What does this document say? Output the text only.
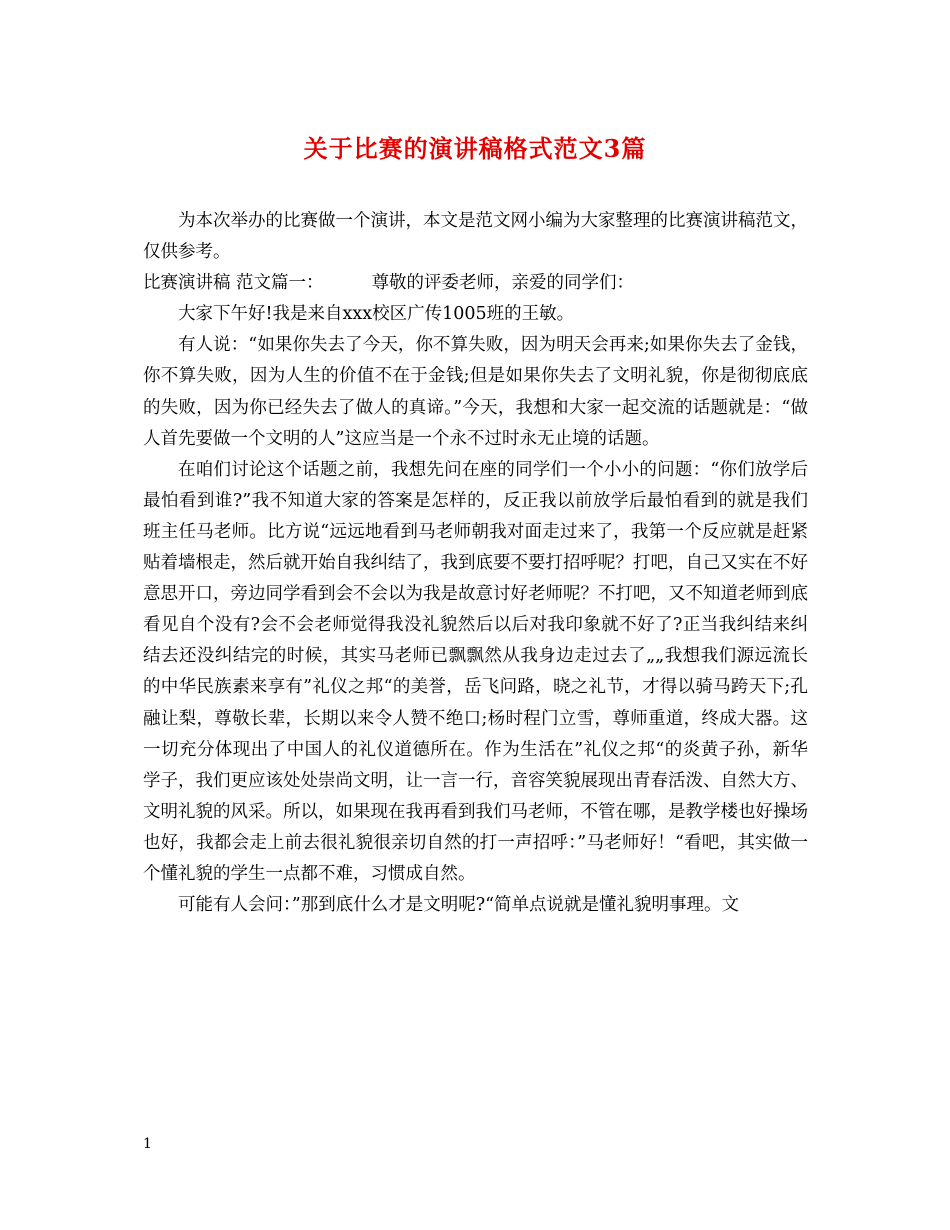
关于比赛的演讲稿格式范文3篇

为本次举办的比赛做一个演讲，本文是范文网小编为大家整理的比赛演讲稿范文，仅供参考。

比赛演讲稿 范文篇一：	尊敬的评委老师，亲爱的同学们：

大家下午好!我是来自xxx校区广传1005班的王敏。

有人说：“如果你失去了今天，你不算失败，因为明天会再来;如果你失去了金钱，你不算失败，因为人生的价值不在于金钱;但是如果你失去了文明礼貌，你是彻彻底底的失败，因为你已经失去了做人的真谛。”今天，我想和大家一起交流的话题就是：“做人首先要做一个文明的人”这应当是一个永不过时永无止境的话题。

在咱们讨论这个话题之前，我想先问在座的同学们一个小小的问题：“你们放学后最怕看到谁?”我不知道大家的答案是怎样的，反正我以前放学后最怕看到的就是我们班主任马老师。比方说“远远地看到马老师朝我对面走过来了，我第一个反应就是赶紧贴着墙根走，然后就开始自我纠结了，我到底要不要打招呼呢？打吧，自己又实在不好意思开口，旁边同学看到会不会以为我是故意讨好老师呢？不打吧，又不知道老师到底看见自个没有?会不会老师觉得我没礼貌然后以后对我印象就不好了?正当我纠结来纠结去还没纠结完的时候，其实马老师已飘飘然从我身边走过去了„„我想我们源远流长的中华民族素来享有”礼仪之邦“的美誉，岳飞问路，晓之礼节，才得以骑马跨天下;孔融让梨，尊敬长辈，长期以来令人赞不绝口;杨时程门立雪，尊师重道，终成大器。这一切充分体现出了中国人的礼仪道德所在。作为生活在”礼仪之邦“的炎黄子孙，新华学子，我们更应该处处崇尚文明，让一言一行，音容笑貌展现出青春活泼、自然大方、文明礼貌的风采。所以，如果现在我再看到我们马老师，不管在哪，是教学楼也好操场也好，我都会走上前去很礼貌很亲切自然的打一声招呼：”马老师好！“看吧，其实做一个懂礼貌的学生一点都不难，习惯成自然。

可能有人会问：”那到底什么才是文明呢?“简单点说就是懂礼貌明事理。文

1
